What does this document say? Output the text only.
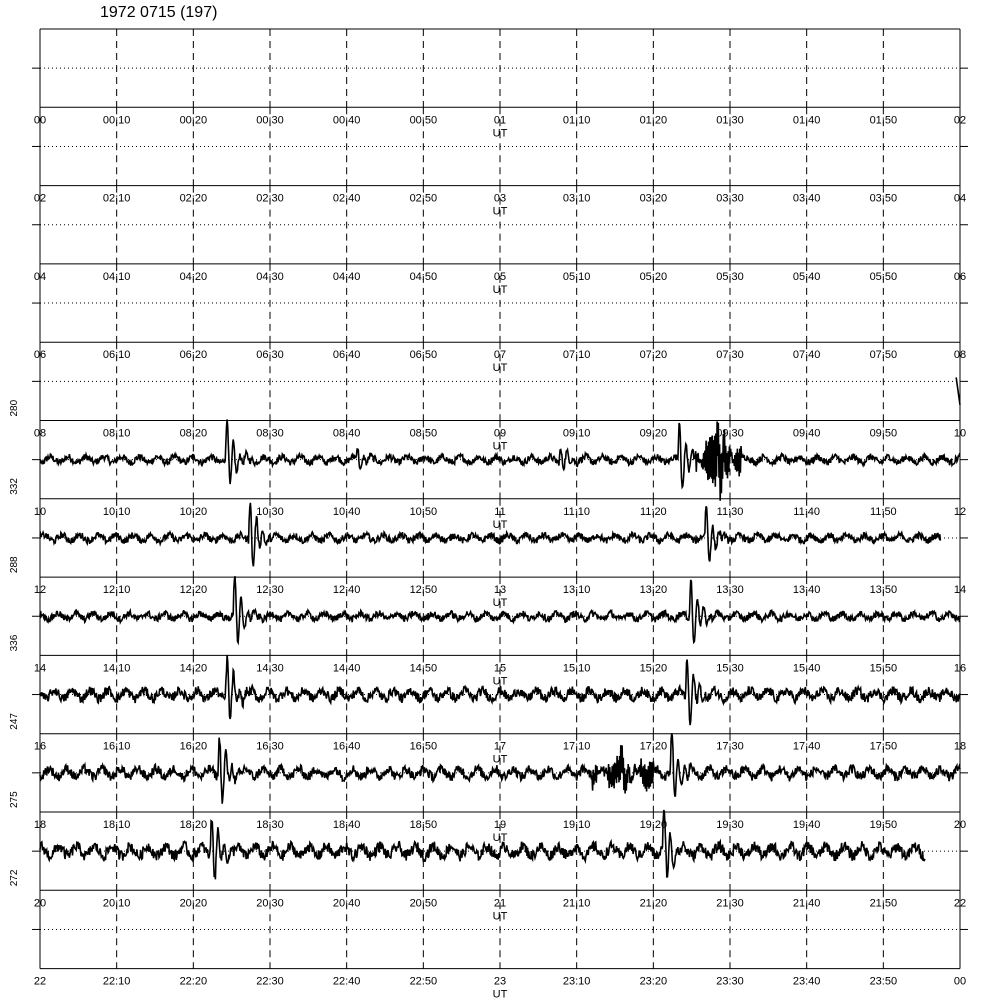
1972 0715 (197)
00	00:10	00:20	00:30	00:40	00:50	01	01:10	01:20	01:30	01:40	01:50	02
UT
02	02:10	02:20	02:30	02:40	02:50	03	03:10	03:20	03:30	03:40	03:50	04
UT
04	04:10	04:20	04:30	04:40	04:50	05	05:10	05:20	05:30	05:40	05:50	06
UT
06	06:10	06:20	06:30	06:40	06:50	07	07:10	07:20	07:30	07:40	07:50	08
UT
08	08:10	08:20	08:30	08:40	08:50	09	09:10	09:20	09:30	09:40	09:50	10
UT
280
10	10:10	10:20	10:30	10:40	10:50	11	11:10	11:20	11:30	11:40	11:50	12
UT
332
12	12:10	12:20	12:30	12:40	12:50	13	13:10	13:20	13:30	13:40	13:50	14
UT
288
14	14:10	14:20	14:30	14:40	14:50	15	15:10	15:20	15:30	15:40	15:50	16
UT
336
16	16:10	16:20	16:30	16:40	16:50	17	17:10	17:20	17:30	17:40	17:50	18
UT
247
18	18:10	18:20	18:30	18:40	18:50	19	19:10	19:20	19:30	19:40	19:50	20
UT
275
20	20:10	20:20	20:30	20:40	20:50	21	21:10	21:20	21:30	21:40	21:50	22
UT
272
22	22:10	22:20	22:30	22:40	22:50	23	23:10	23:20	23:30	23:40	23:50	00
UT
